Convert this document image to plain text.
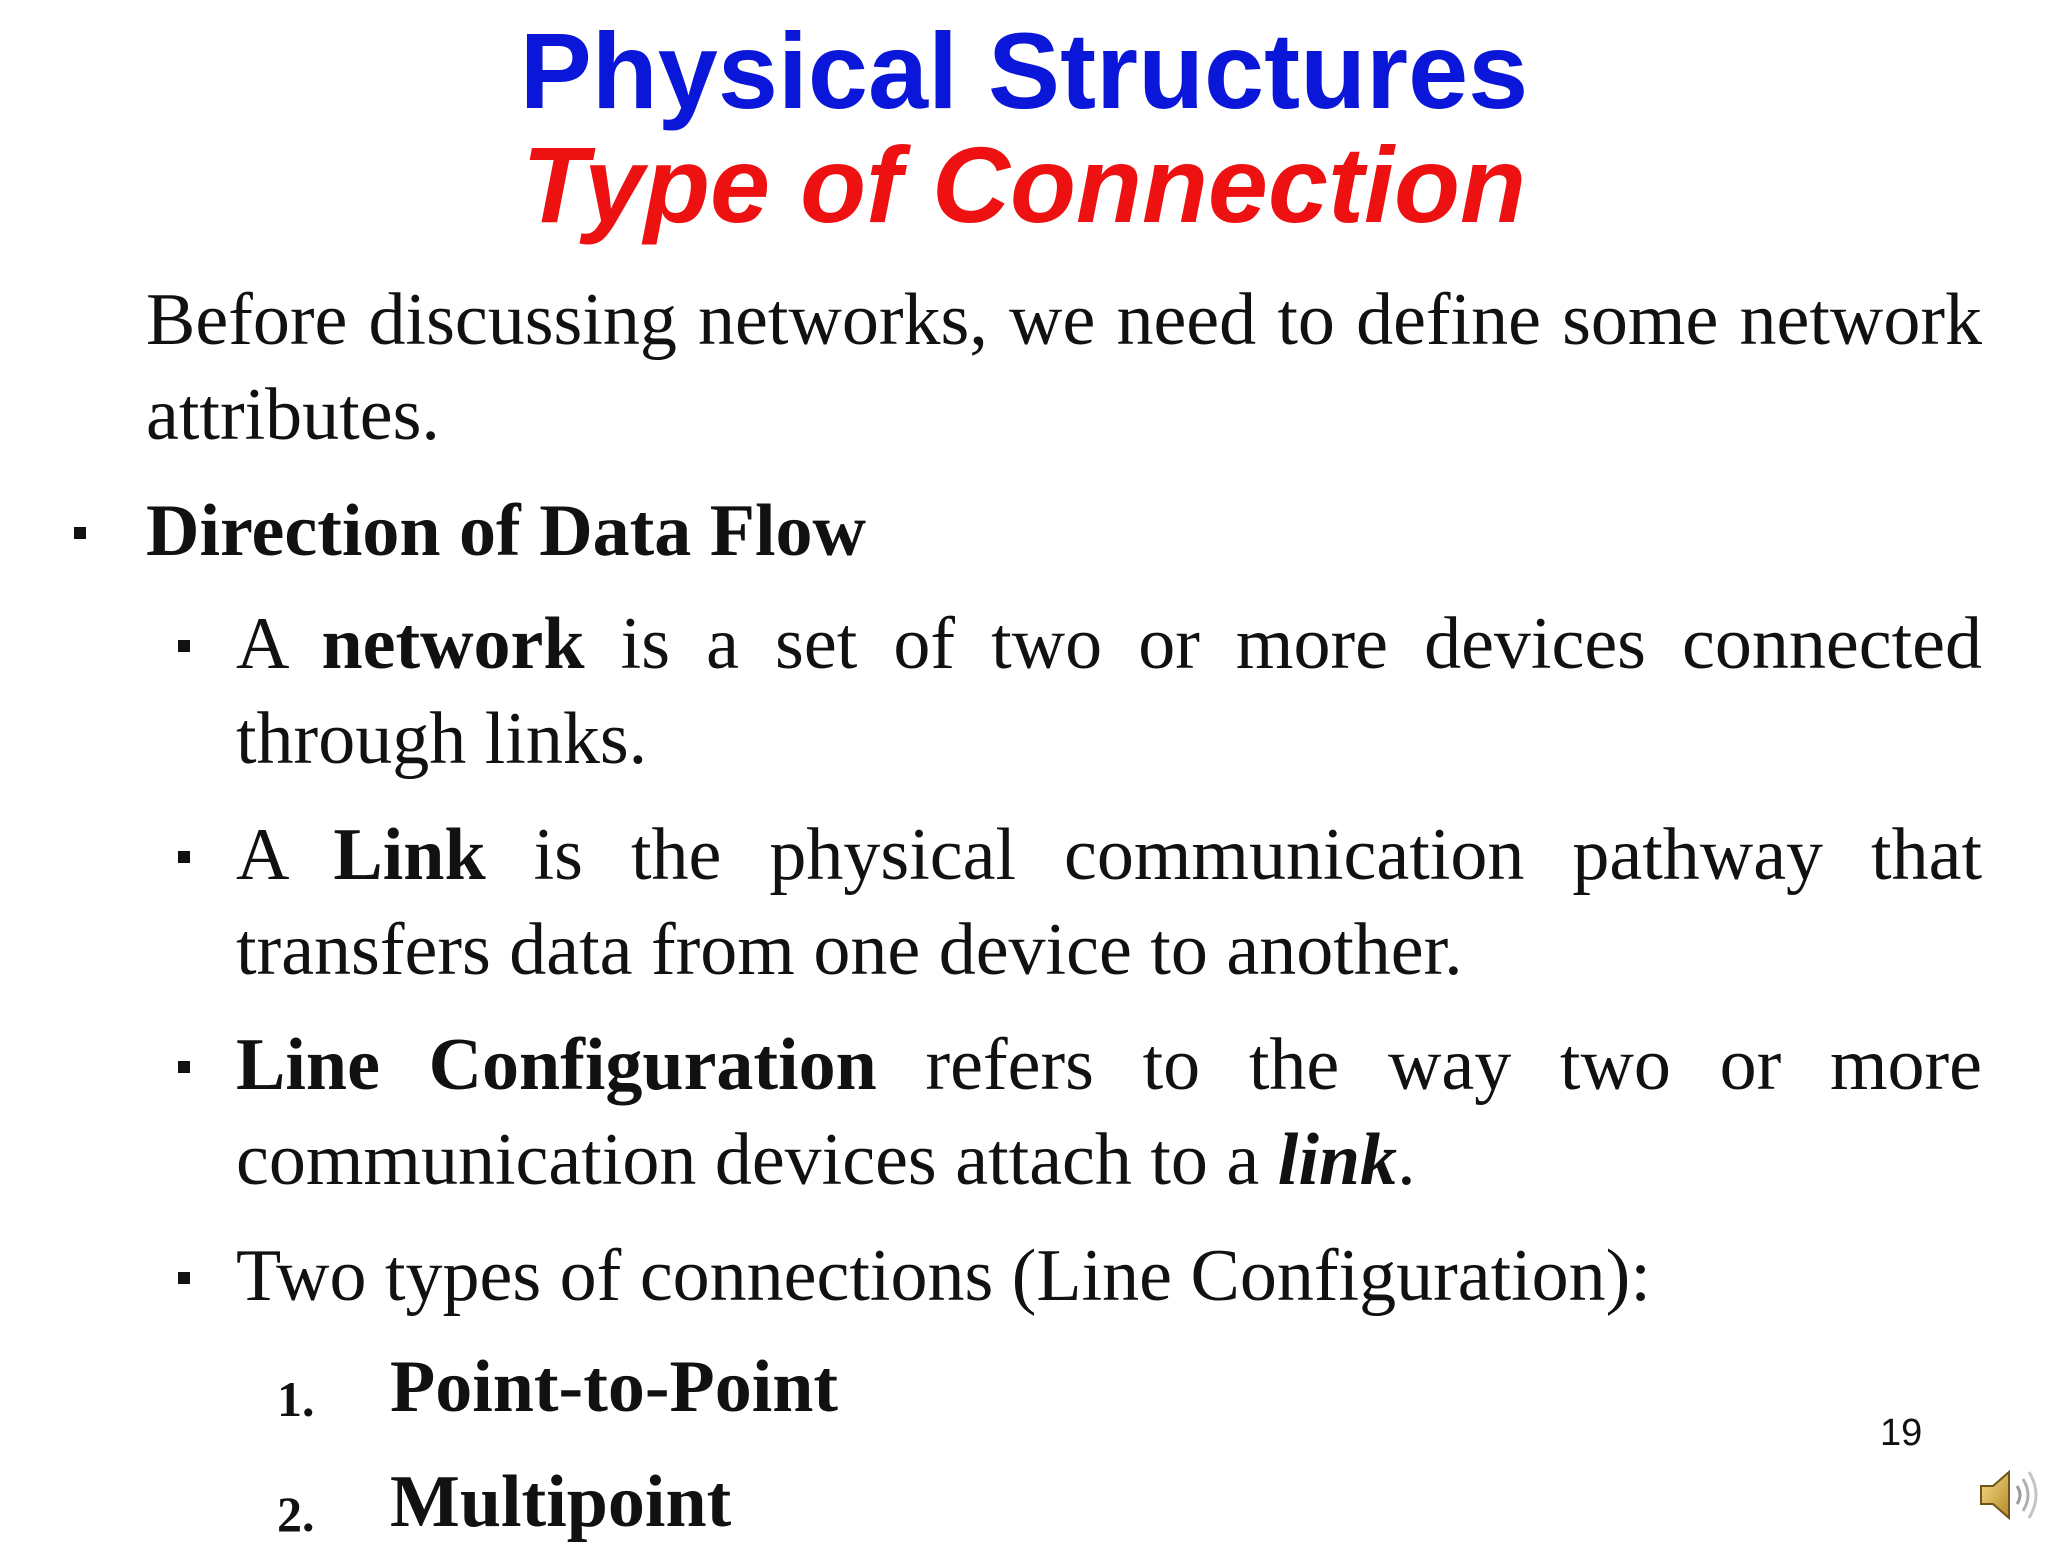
Physical Structures
Type of Connection
Before discussing networks, we need to define some network attributes.
Direction of Data Flow
A network is a set of two or more devices connected through links.
A Link is the physical communication pathway that transfers data from one device to another.
Line Configuration refers to the way two or more communication devices attach to a link.
Two types of connections (Line Configuration):
1. Point-to-Point
2. Multipoint
19
